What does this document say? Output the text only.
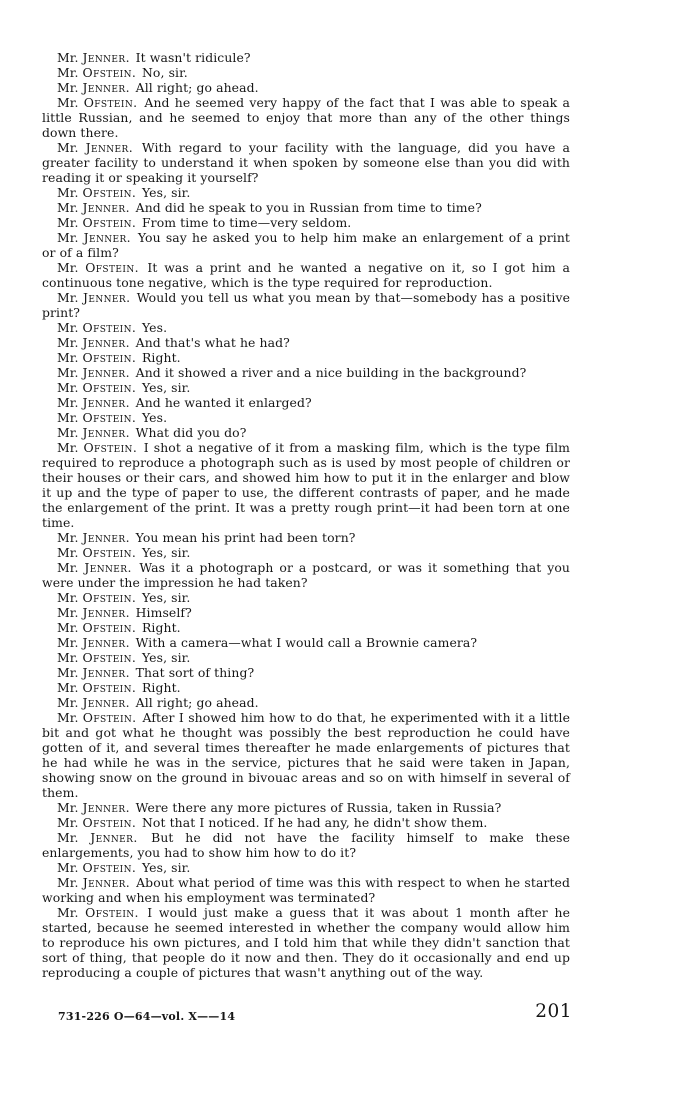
Mr. Jenner. It wasn't ridicule?

Mr. Ofstein. No, sir.

Mr. Jenner. All right; go ahead.

Mr. Ofstein. And he seemed very happy of the fact that I was able to speak a little Russian, and he seemed to enjoy that more than any of the other things down there.

Mr. Jenner. With regard to your facility with the language, did you have a greater facility to understand it when spoken by someone else than you did with reading it or speaking it yourself?

Mr. Ofstein. Yes, sir.

Mr. Jenner. And did he speak to you in Russian from time to time?

Mr. Ofstein. From time to time—very seldom.

Mr. Jenner. You say he asked you to help him make an enlargement of a print or of a film?

Mr. Ofstein. It was a print and he wanted a negative on it, so I got him a continuous tone negative, which is the type required for reproduction.

Mr. Jenner. Would you tell us what you mean by that—somebody has a positive print?

Mr. Ofstein. Yes.

Mr. Jenner. And that's what he had?

Mr. Ofstein. Right.

Mr. Jenner. And it showed a river and a nice building in the background?

Mr. Ofstein. Yes, sir.

Mr. Jenner. And he wanted it enlarged?

Mr. Ofstein. Yes.

Mr. Jenner. What did you do?

Mr. Ofstein. I shot a negative of it from a masking film, which is the type film required to reproduce a photograph such as is used by most people of children or their houses or their cars, and showed him how to put it in the enlarger and blow it up and the type of paper to use, the different contrasts of paper, and he made the enlargement of the print. It was a pretty rough print—it had been torn at one time.

Mr. Jenner. You mean his print had been torn?

Mr. Ofstein. Yes, sir.

Mr. Jenner. Was it a photograph or a postcard, or was it something that you were under the impression he had taken?

Mr. Ofstein. Yes, sir.

Mr. Jenner. Himself?

Mr. Ofstein. Right.

Mr. Jenner. With a camera—what I would call a Brownie camera?

Mr. Ofstein. Yes, sir.

Mr. Jenner. That sort of thing?

Mr. Ofstein. Right.

Mr. Jenner. All right; go ahead.

Mr. Ofstein. After I showed him how to do that, he experimented with it a little bit and got what he thought was possibly the best reproduction he could have gotten of it, and several times thereafter he made enlargements of pictures that he had while he was in the service, pictures that he said were taken in Japan, showing snow on the ground in bivouac areas and so on with himself in several of them.

Mr. Jenner. Were there any more pictures of Russia, taken in Russia?

Mr. Ofstein. Not that I noticed. If he had any, he didn't show them.

Mr. Jenner. But he did not have the facility himself to make these enlargements, you had to show him how to do it?

Mr. Ofstein. Yes, sir.

Mr. Jenner. About what period of time was this with respect to when he started working and when his employment was terminated?

Mr. Ofstein. I would just make a guess that it was about 1 month after he started, because he seemed interested in whether the company would allow him to reproduce his own pictures, and I told him that while they didn't sanction that sort of thing, that people do it now and then. They do it occasionally and end up reproducing a couple of pictures that wasn't anything out of the way.

731-226 O—64—vol. X——14	201
